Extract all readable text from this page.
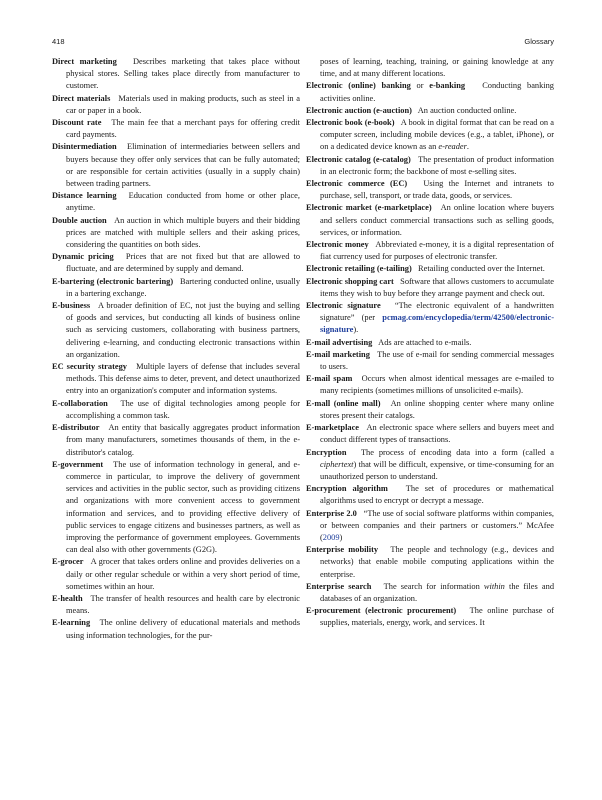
418	Glossary

Direct marketing Describes marketing that takes place without physical stores. Selling takes place directly from manufacturer to customer.

Direct materials Materials used in making products, such as steel in a car or paper in a book.

Discount rate The main fee that a merchant pays for offering credit card payments.

Disintermediation Elimination of intermediaries between sellers and buyers because they offer only services that can be fully automated; or are responsible for certain activities (usually in a supply chain) between trading partners.

Distance learning Education conducted from home or other place, anytime.

Double auction An auction in which multiple buyers and their bidding prices are matched with multiple sellers and their asking prices, considering the quantities on both sides.

Dynamic pricing Prices that are not fixed but that are allowed to fluctuate, and are determined by supply and demand.

E-bartering (electronic bartering) Bartering conducted online, usually in a bartering exchange.

E-business A broader definition of EC, not just the buying and selling of goods and services, but conducting all kinds of business online such as servicing customers, collaborating with business partners, delivering e-learning, and conducting electronic transactions within an organization.

EC security strategy Multiple layers of defense that includes several methods. This defense aims to deter, prevent, and detect unauthorized entry into an organization's computer and information systems.

E-collaboration The use of digital technologies among people for accomplishing a common task.

E-distributor An entity that basically aggregates product information from many manufacturers, sometimes thousands of them, in the e-distributor's catalog.

E-government The use of information technology in general, and e-commerce in particular, to improve the delivery of government services and activities in the public sector, such as providing citizens and organizations with more convenient access to government information and services, and to providing effective delivery of public services to engage citizens and businesses partners, as well as improving the performance of government employees. Governments can deal also with other governments (G2G).

E-grocer A grocer that takes orders online and provides deliveries on a daily or other regular schedule or within a very short period of time, sometimes within an hour.

E-health The transfer of health resources and health care by electronic means.

E-learning The online delivery of educational materials and methods using information technologies, for the pur-

poses of learning, teaching, training, or gaining knowledge at any time, and at many different locations.

Electronic (online) banking or e-banking Conducting banking activities online.

Electronic auction (e-auction) An auction conducted online.

Electronic book (e-book) A book in digital format that can be read on a computer screen, including mobile devices (e.g., a tablet, iPhone), or on a dedicated device known as an e-reader.

Electronic catalog (e-catalog) The presentation of product information in an electronic form; the backbone of most e-selling sites.

Electronic commerce (EC) Using the Internet and intranets to purchase, sell, transport, or trade data, goods, or services.

Electronic market (e-marketplace) An online location where buyers and sellers conduct commercial transactions such as selling goods, services, or information.

Electronic money Abbreviated e-money, it is a digital representation of fiat currency used for purposes of electronic transfer.

Electronic retailing (e-tailing) Retailing conducted over the Internet.

Electronic shopping cart Software that allows customers to accumulate items they wish to buy before they arrange payment and check out.

Electronic signature “The electronic equivalent of a handwritten signature” (per pcmag.com/encyclopedia/term/42500/electronic-signature).

E-mail advertising Ads are attached to e-mails.

E-mail marketing The use of e-mail for sending commercial messages to users.

E-mail spam Occurs when almost identical messages are e-mailed to many recipients (sometimes millions of unsolicited e-mails).

E-mall (online mall) An online shopping center where many online stores present their catalogs.

E-marketplace An electronic space where sellers and buyers meet and conduct different types of transactions.

Encryption The process of encoding data into a form (called a ciphertext) that will be difficult, expensive, or time-consuming for an unauthorized person to understand.

Encryption algorithm The set of procedures or mathematical algorithms used to encrypt or decrypt a message.

Enterprise 2.0 “The use of social software platforms within companies, or between companies and their partners or customers.” McAfee (2009)

Enterprise mobility The people and technology (e.g., devices and networks) that enable mobile computing applications within the enterprise.

Enterprise search The search for information within the files and databases of an organization.

E-procurement (electronic procurement) The online purchase of supplies, materials, energy, work, and services. It
